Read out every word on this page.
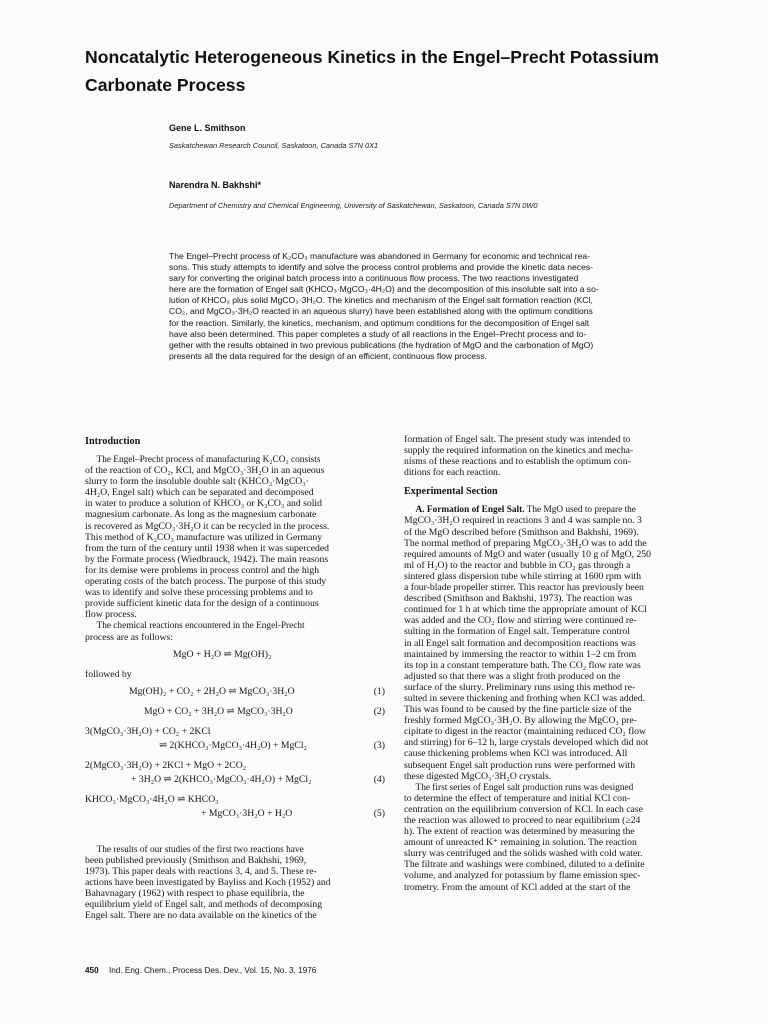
Noncatalytic Heterogeneous Kinetics in the Engel–Precht Potassium
Carbonate Process
Gene L. Smithson
Saskatchewan Research Council, Saskatoon, Canada S7N 0X1
Narendra N. Bakhshi*
Department of Chemistry and Chemical Engineering, University of Saskatchewan, Saskatoon, Canada S7N 0W0
The Engel–Precht process of K₂CO₃ manufacture was abandoned in Germany for economic and technical rea-
sons. This study attempts to identify and solve the process control problems and provide the kinetic data neces-
sary for converting the original batch process into a continuous flow process. The two reactions investigated
here are the formation of Engel salt (KHCO₃·MgCO₃·4H₂O) and the decomposition of this insoluble salt into a so-
lution of KHCO₃ plus solid MgCO₃·3H₂O. The kinetics and mechanism of the Engel salt formation reaction (KCl,
CO₂, and MgCO₃·3H₂O reacted in an aqueous slurry) have been established along with the optimum conditions
for the reaction. Similarly, the kinetics, mechanism, and optimum conditions for the decomposition of Engel salt
have also been determined. This paper completes a study of all reactions in the Engel–Precht process and to-
gether with the results obtained in two previous publications (the hydration of MgO and the carbonation of MgO)
presents all the data required for the design of an efficient, continuous flow process.
Introduction
The Engel–Precht process of manufacturing K₂CO₃ consists
of the reaction of CO₂, KCl, and MgCO₃·3H₂O in an aqueous
slurry to form the insoluble double salt (KHCO₃·MgCO₃·
4H₂O, Engel salt) which can be separated and decomposed
in water to produce a solution of KHCO₃ or K₂CO₃ and solid
magnesium carbonate. As long as the magnesium carbonate
is recovered as MgCO₃·3H₂O it can be recycled in the process.
This method of K₂CO₃ manufacture was utilized in Germany
from the turn of the century until 1938 when it was superceded
by the Formate process (Wiedbrauck, 1942). The main reasons
for its demise were problems in process control and the high
operating costs of the batch process. The purpose of this study
was to identify and solve these processing problems and to
provide sufficient kinetic data for the design of a continuous
flow process.
The chemical reactions encountered in the Engel-Precht
process are as follows:
MgO + H₂O ⇌ Mg(OH)₂
followed by
Mg(OH)₂ + CO₂ + 2H₂O ⇌ MgCO₃·3H₂O	(1)
MgO + CO₂ + 3H₂O ⇌ MgCO₃·3H₂O	(2)
3(MgCO₃·3H₂O) + CO₂ + 2KCl
⇌ 2(KHCO₃·MgCO₃·4H₂O) + MgCl₂	(3)
2(MgCO₃·3H₂O) + 2KCl + MgO + 2CO₂
+ 3H₂O ⇌ 2(KHCO₃·MgCO₃·4H₂O) + MgCl₂	(4)
KHCO₃·MgCO₃·4H₂O ⇌ KHCO₃
+ MgCO₃·3H₂O + H₂O	(5)
The results of our studies of the first two reactions have
been published previously (Smithson and Bakhshi, 1969,
1973). This paper deals with reactions 3, 4, and 5. These re-
actions have been investigated by Bayliss and Koch (1952) and
Bahavnagary (1962) with respect to phase equilibria, the
equilibrium yield of Engel salt, and methods of decomposing
Engel salt. There are no data available on the kinetics of the
formation of Engel salt. The present study was intended to
supply the required information on the kinetics and mecha-
nisms of these reactions and to establish the optimum con-
ditions for each reaction.
Experimental Section
A. Formation of Engel Salt. The MgO used to prepare the
MgCO₃·3H₂O required in reactions 3 and 4 was sample no. 3
of the MgO described before (Smithson and Bakhshi, 1969).
The normal method of preparing MgCO₃·3H₂O was to add the
required amounts of MgO and water (usually 10 g of MgO, 250
ml of H₂O) to the reactor and bubble in CO₂ gas through a
sintered glass dispersion tube while stirring at 1600 rpm with
a four-blade propeller stirrer. This reactor has previously been
described (Smithson and Bakhshi, 1973). The reaction was
continued for 1 h at which time the appropriate amount of KCl
was added and the CO₂ flow and stirring were continued re-
sulting in the formation of Engel salt. Temperature control
in all Engel salt formation and decomposition reactions was
maintained by immersing the reactor to within 1–2 cm from
its top in a constant temperature bath. The CO₂ flow rate was
adjusted so that there was a slight froth produced on the
surface of the slurry. Preliminary runs using this method re-
sulted in severe thickening and frothing when KCl was added.
This was found to be caused by the fine particle size of the
freshly formed MgCO₃·3H₂O. By allowing the MgCO₃ pre-
cipitate to digest in the reactor (maintaining reduced CO₂ flow
and stirring) for 6–12 h, large crystals developed which did not
cause thickening problems when KCl was introduced. All
subsequent Engel salt production runs were performed with
these digested MgCO₃·3H₂O crystals.
The first series of Engel salt production runs was designed
to determine the effect of temperature and initial KCl con-
centration on the equilibrium conversion of KCl. In each case
the reaction was allowed to proceed to near equilibrium (≥24
h). The extent of reaction was determined by measuring the
amount of unreacted K⁺ remaining in solution. The reaction
slurry was centrifuged and the solids washed with cold water.
The filtrate and washings were combined, diluted to a definite
volume, and analyzed for potassium by flame emission spec-
trometry. From the amount of KCl added at the start of the
450 Ind. Eng. Chem., Process Des. Dev., Vol. 15, No. 3, 1976
